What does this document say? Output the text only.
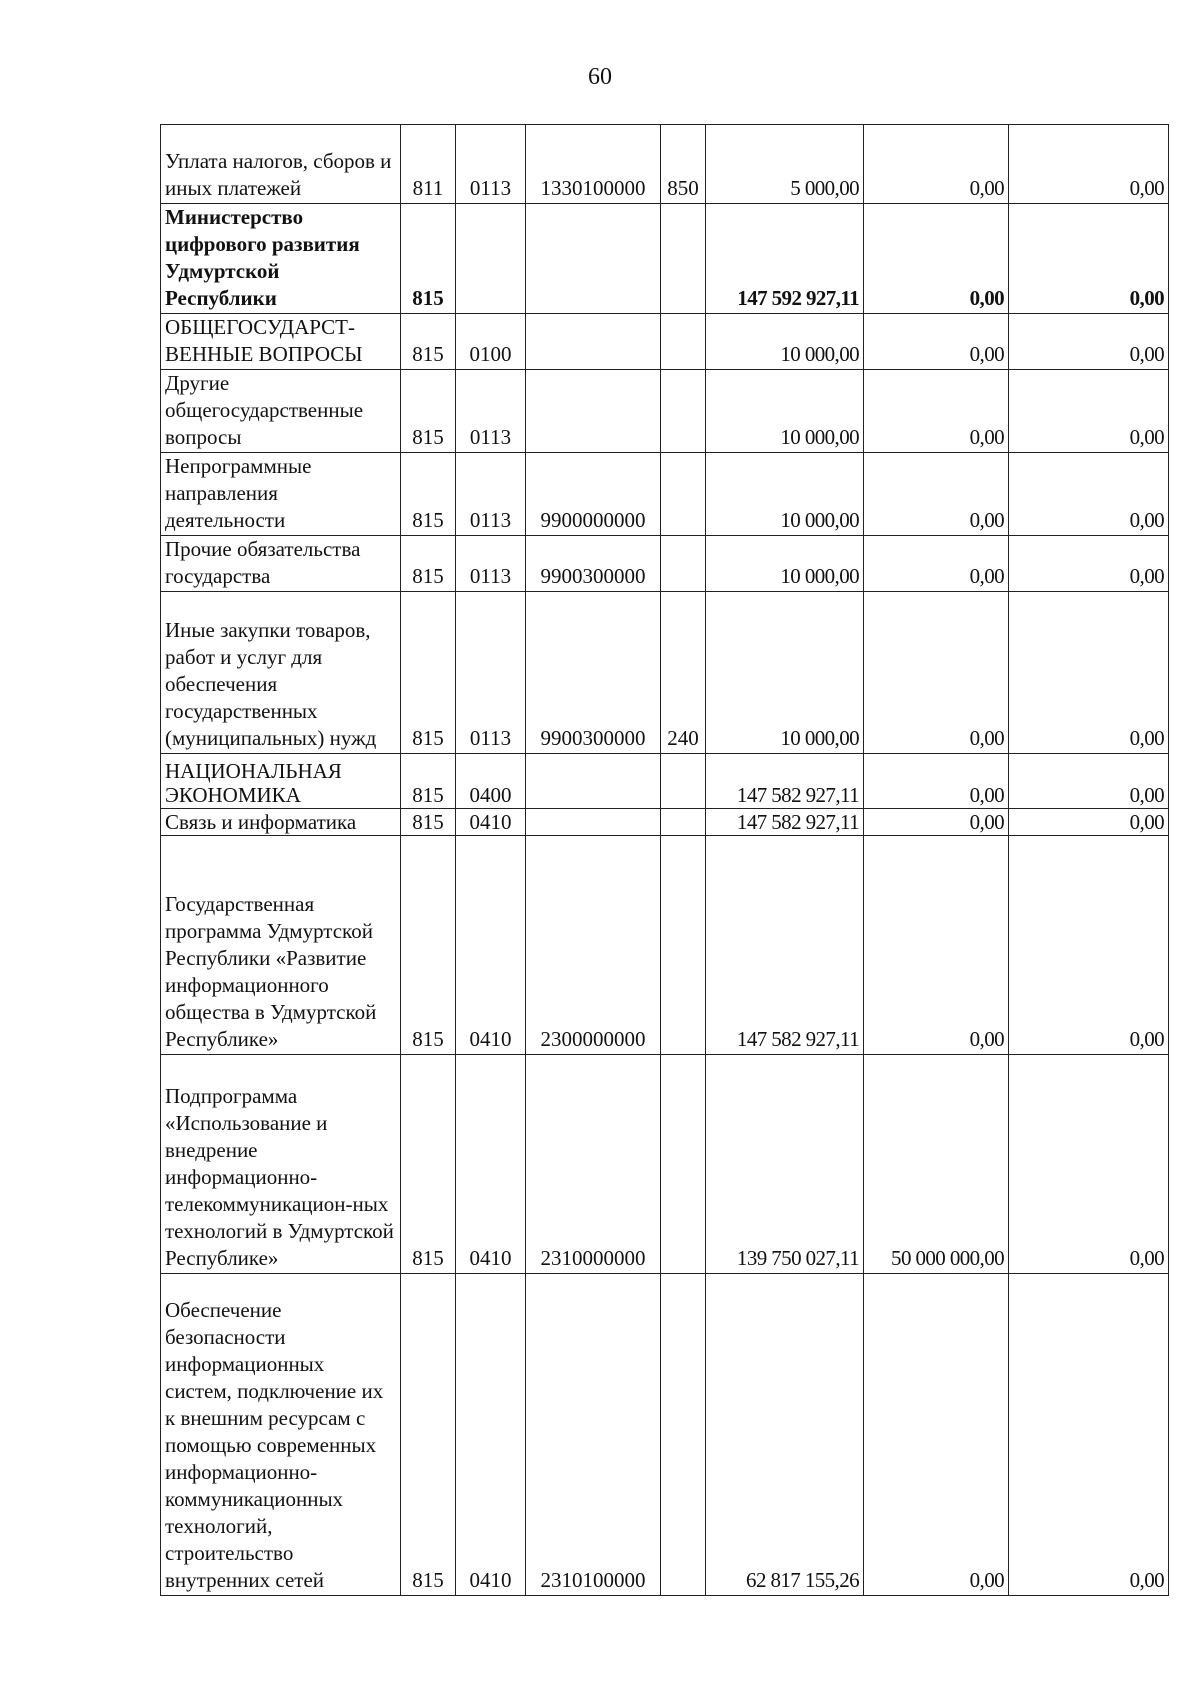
60
Уплата налогов, сборов и иных платежей	811	0113	1330100000	850	5 000,00	0,00	0,00
Министерство цифрового развития Удмуртской Республики	815				147 592 927,11	0,00	0,00
ОБЩЕГОСУДАРСТ-ВЕННЫЕ ВОПРОСЫ	815	0100			10 000,00	0,00	0,00
Другие общегосударственные вопросы	815	0113			10 000,00	0,00	0,00
Непрограммные направления деятельности	815	0113	9900000000		10 000,00	0,00	0,00
Прочие обязательства государства	815	0113	9900300000		10 000,00	0,00	0,00
Иные закупки товаров, работ и услуг для обеспечения государственных (муниципальных) нужд	815	0113	9900300000	240	10 000,00	0,00	0,00
НАЦИОНАЛЬНАЯ ЭКОНОМИКА	815	0400			147 582 927,11	0,00	0,00
Связь и информатика	815	0410			147 582 927,11	0,00	0,00
Государственная программа Удмуртской Республики «Развитие информационного общества в Удмуртской Республике»	815	0410	2300000000		147 582 927,11	0,00	0,00
Подпрограмма «Использование и внедрение информационно-телекоммуникацион-ных технологий в Удмуртской Республике»	815	0410	2310000000		139 750 027,11	50 000 000,00	0,00
Обеспечение безопасности информационных систем, подключение их к внешним ресурсам с помощью современных информационно-коммуникационных технологий, строительство внутренних сетей	815	0410	2310100000		62 817 155,26	0,00	0,00
